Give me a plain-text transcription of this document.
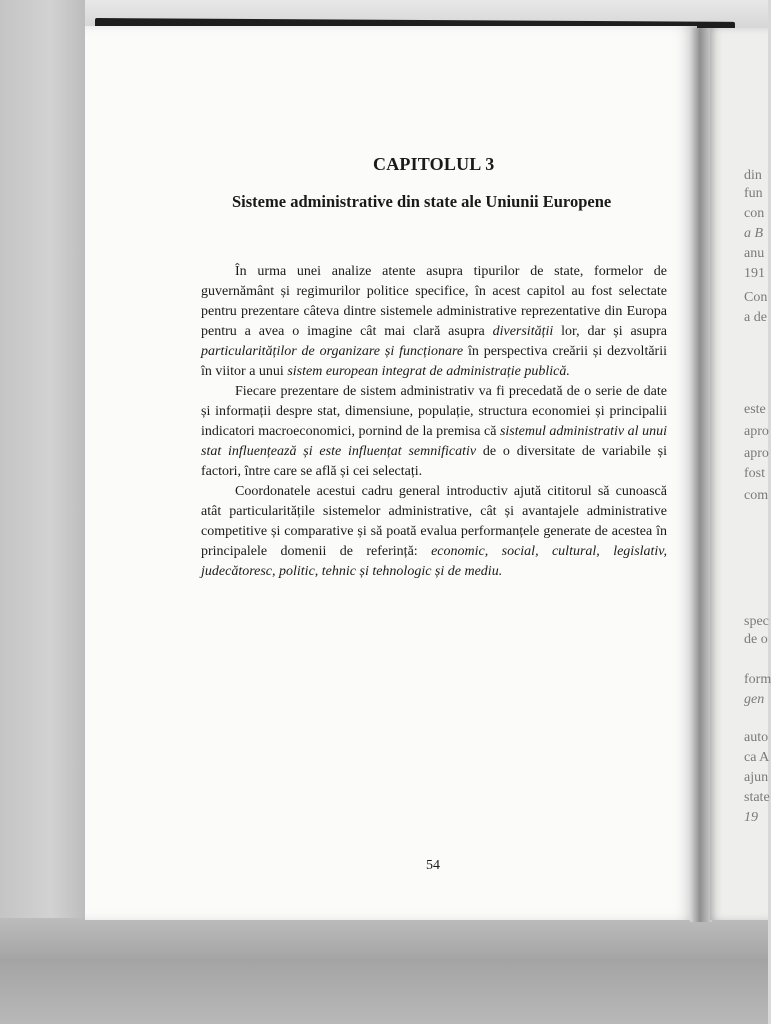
din
fun
con
a B
anu
191
Con
a de
este
apro
apro
fost
com
spec
de o
form
gen
auto
ca A
ajun
state
19
CAPITOLUL 3
Sisteme administrative din state ale Uniunii Europene

În urma unei analize atente asupra tipurilor de state, formelor de guvernământ și regimurilor politice specifice, în acest capitol au fost selectate pentru prezentare câteva dintre sistemele administrative reprezentative din Europa pentru a avea o imagine cât mai clară asupra diversității lor, dar și asupra particularităților de organizare și funcționare în perspectiva creării și dezvoltării în viitor a unui sistem european integrat de administrație publică.

Fiecare prezentare de sistem administrativ va fi precedată de o serie de date și informații despre stat, dimensiune, populație, structura economiei și principalii indicatori macroeconomici, pornind de la premisa că sistemul administrativ al unui stat influențează și este influențat semnificativ de o diversitate de variabile și factori, între care se află și cei selectați.

Coordonatele acestui cadru general introductiv ajută cititorul să cunoască atât particularitățile sistemelor administrative, cât și avantajele administrative competitive și comparative și să poată evalua performanțele generate de acestea în principalele domenii de referință: economic, social, cultural, legislativ, judecătoresc, politic, tehnic și tehnologic și de mediu.

54
